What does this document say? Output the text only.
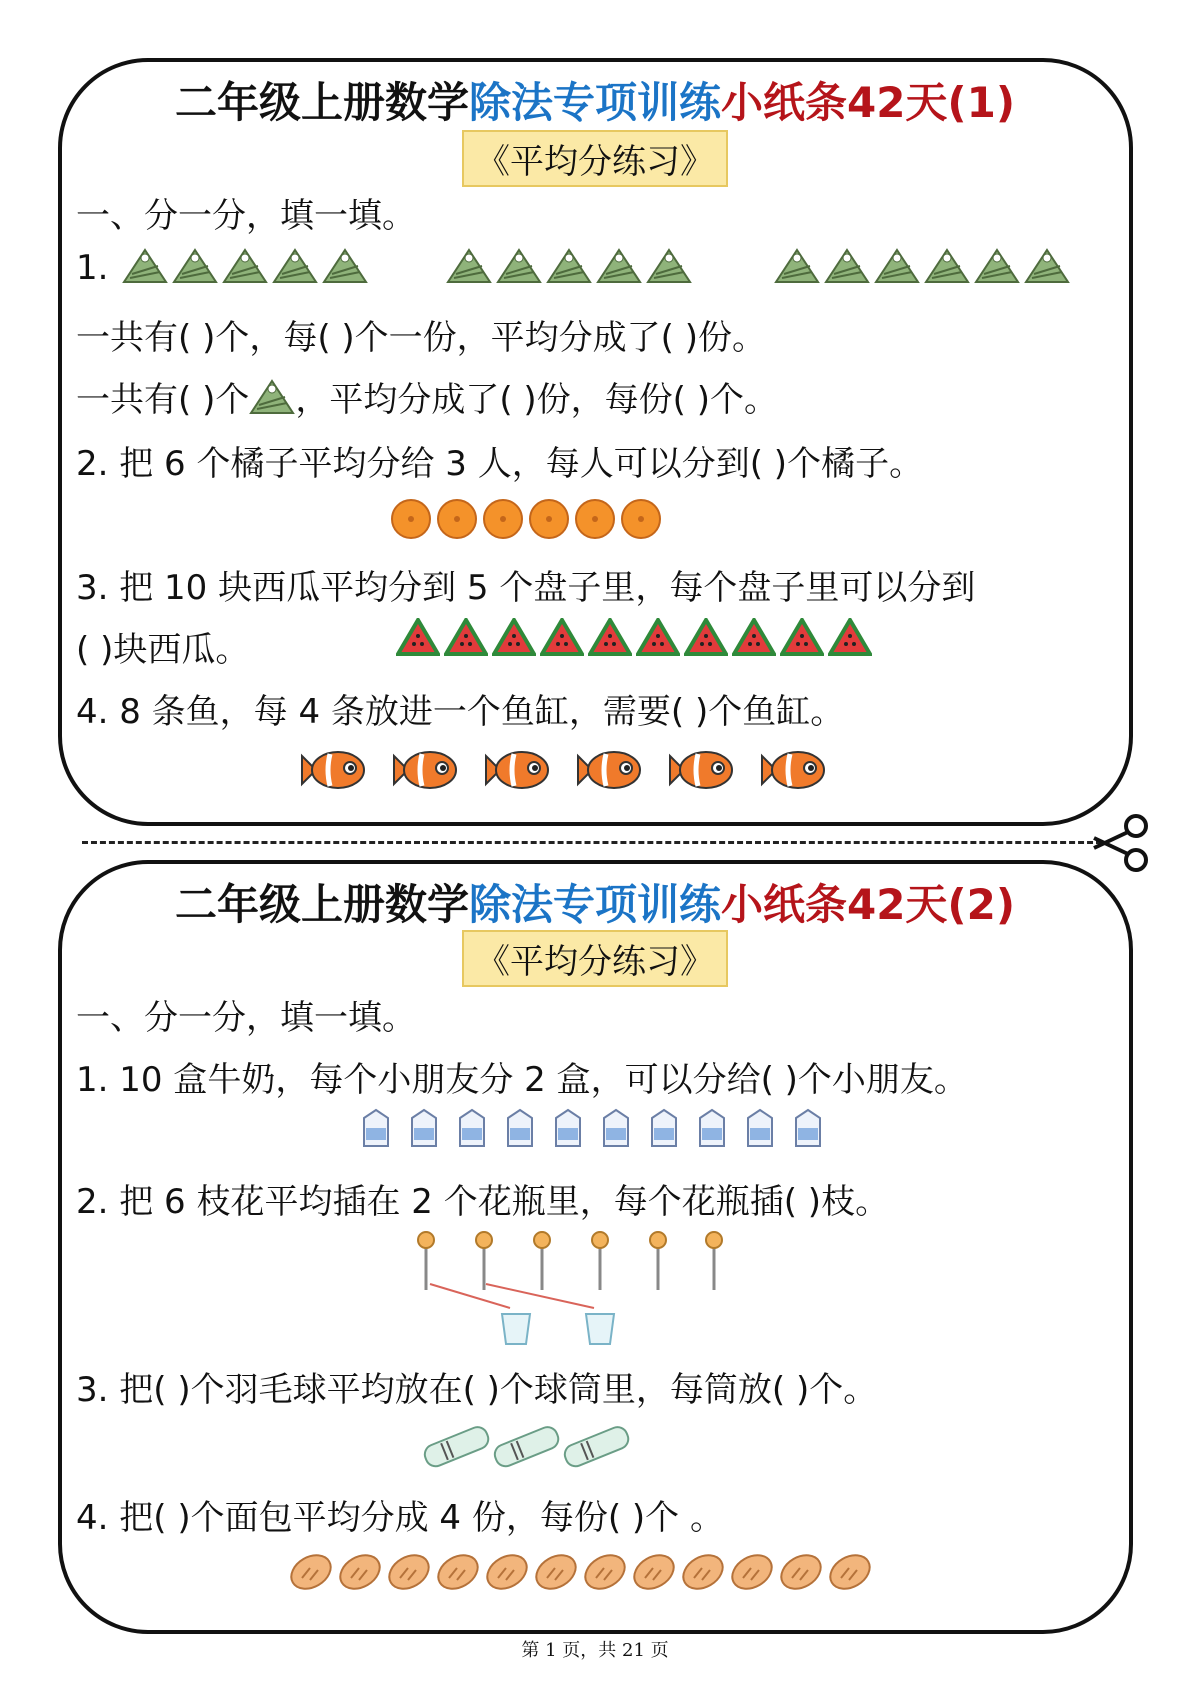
二年级上册数学除法专项训练小纸条42天(1)
《平均分练习》
一、分一分，填一填。
1.
一共有( )个，每( )个一份，平均分成了( )份。
一共有( )个 ，平均分成了( )份，每份( )个。
2. 把 6 个橘子平均分给 3 人，每人可以分到( )个橘子。
3. 把 10 块西瓜平均分到 5 个盘子里，每个盘子里可以分到
( )块西瓜。
4. 8 条鱼，每 4 条放进一个鱼缸，需要( )个鱼缸。
二年级上册数学除法专项训练小纸条42天(2)
《平均分练习》
一、分一分，填一填。
1. 10 盒牛奶，每个小朋友分 2 盒，可以分给( )个小朋友。
2. 把 6 枝花平均插在 2 个花瓶里，每个花瓶插( )枝。
3. 把( )个羽毛球平均放在( )个球筒里，每筒放( )个。
4. 把( )个面包平均分成 4 份，每份( )个 。
第 1 页，共 21 页
